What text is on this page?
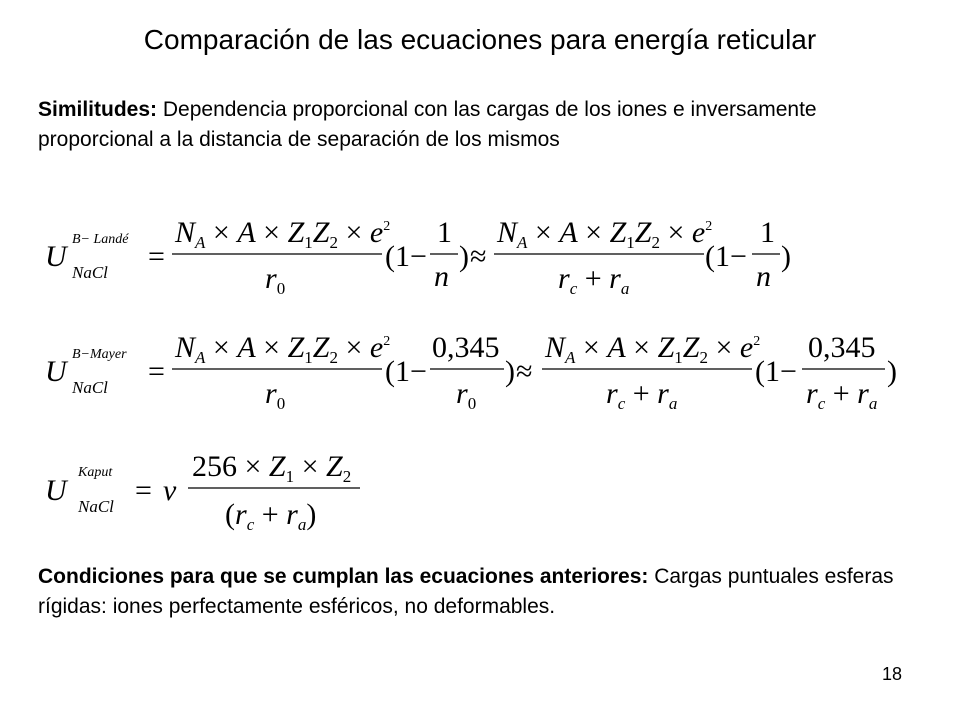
Comparación de las ecuaciones para energía reticular
Similitudes: Dependencia proporcional con las cargas de los iones e inversamente proporcional a la distancia de separación de los mismos
U
B− Landé
NaCl =
$N_A \times A \times Z_1Z_2 \times e^2$
$r_0$
(1−
1
n
) ≈
$N_A \times A \times Z_1Z_2 \times e^2$
$r_c + r_a$
(1−
1
n
)
U
B−Mayer
NaCl =
$N_A \times A \times Z_1Z_2 \times e^2$
$r_0$
(1−
0,345
$r_0$
) ≈
$N_A \times A \times Z_1Z_2 \times e^2$
$r_c + r_a$
(1−
0,345
$r_c + r_a$
)
U
Kaput
NaCl = ν
$256 \times Z_1 \times Z_2$
$(r_c + r_a)$
Condiciones para que se cumplan las ecuaciones anteriores: Cargas puntuales esferas rígidas: iones perfectamente esféricos, no deformables.
18
